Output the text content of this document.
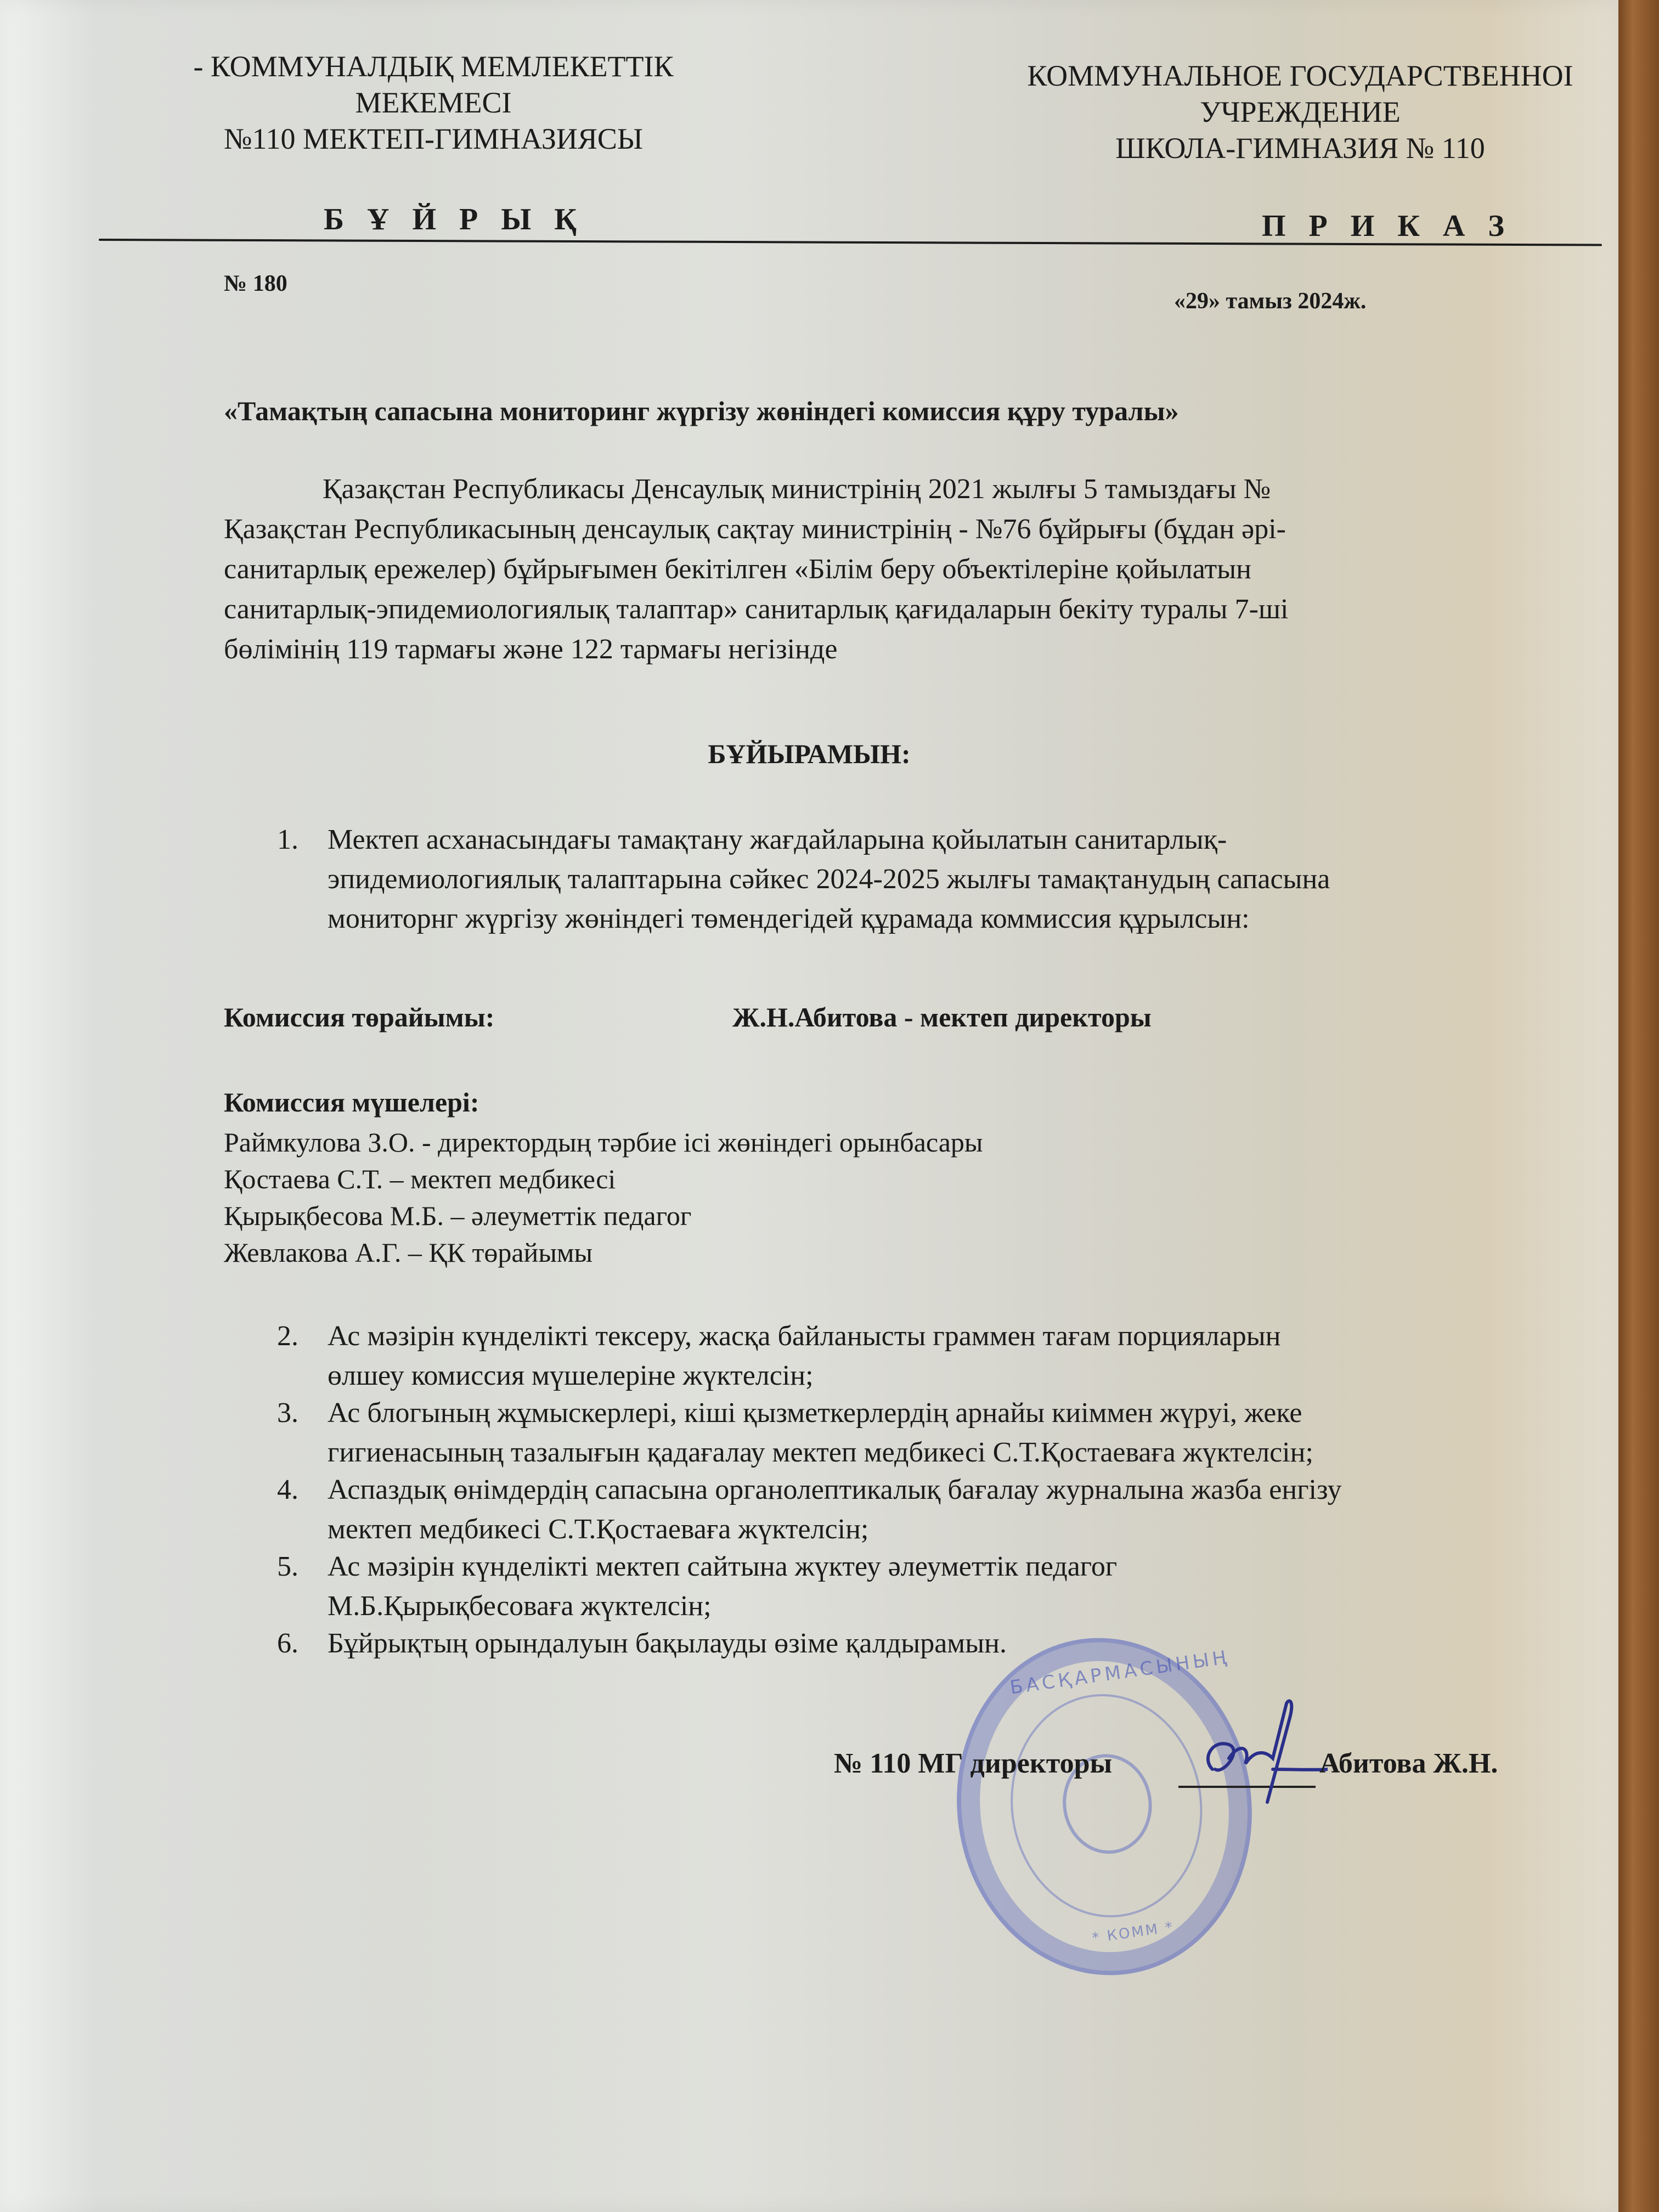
- КОММУНАЛДЫҚ МЕМЛЕКЕТТІК
МЕКЕМЕСІ
№110 МЕКТЕП-ГИМНАЗИЯСЫ
КОММУНАЛЬНОЕ ГОСУДАРСТВЕННОІ
УЧРЕЖДЕНИЕ
ШКОЛА-ГИМНАЗИЯ № 110
Б Ұ Й Р Ы Қ	П Р И К А З
№ 180
«29» тамыз 2024ж.
«Тамақтың сапасына мониторинг жүргізу жөніндегі комиссия құру туралы»
Қазақстан Республикасы Денсаулық министрінің 2021 жылғы 5 тамыздағы №
Қазақстан Республикасының денсаулық сақтау министрінің - №76 бұйрығы (бұдан әрі-
санитарлық ережелер) бұйрығымен бекітілген «Білім беру объектілеріне қойылатын
санитарлық-эпидемиологиялық талаптар» санитарлық қағидаларын бекіту туралы 7-ші
бөлімінің 119 тармағы және 122 тармағы негізінде
БҰЙЫРАМЫН:
1.	Мектеп асханасындағы тамақтану жағдайларына қойылатын санитарлық-
эпидемиологиялық талаптарына сәйкес 2024-2025 жылғы тамақтанудың сапасына
мониторнг жүргізу жөніндегі төмендегідей құрамада коммиссия құрылсын:
Комиссия төрайымы:	Ж.Н.Абитова - мектеп директоры
Комиссия мүшелері:
Раймкулова З.О. - директордың тәрбие ісі жөніндегі орынбасары
Қостаева С.Т. – мектеп медбикесі
Қырықбесова М.Б. – әлеуметтік педагог
Жевлакова А.Г. – ҚК төрайымы
2.	Ас мәзірін күнделікті тексеру, жасқа байланысты граммен тағам порцияларын
өлшеу комиссия мүшелеріне жүктелсін;
3.	Ас блогының жұмыскерлері, кіші қызметкерлердің арнайы киіммен жүруі, жеке
гигиенасының тазалығын қадағалау мектеп медбикесі С.Т.Қостаеваға жүктелсін;
4.	Аспаздық өнімдердің сапасына органолептикалық бағалау журналына жазба енгізу
мектеп медбикесі С.Т.Қостаеваға жүктелсін;
5.	Ас мәзірін күнделікті мектеп сайтына жүктеу әлеуметтік педагог
М.Б.Қырықбесоваға жүктелсін;
6.	Бұйрықтың орындалуын бақылауды өзіме қалдырамын.
БАСҚАРМАСЫНЫҢ
* КОММ *
№ 110 МГ директоры	Абитова Ж.Н.
